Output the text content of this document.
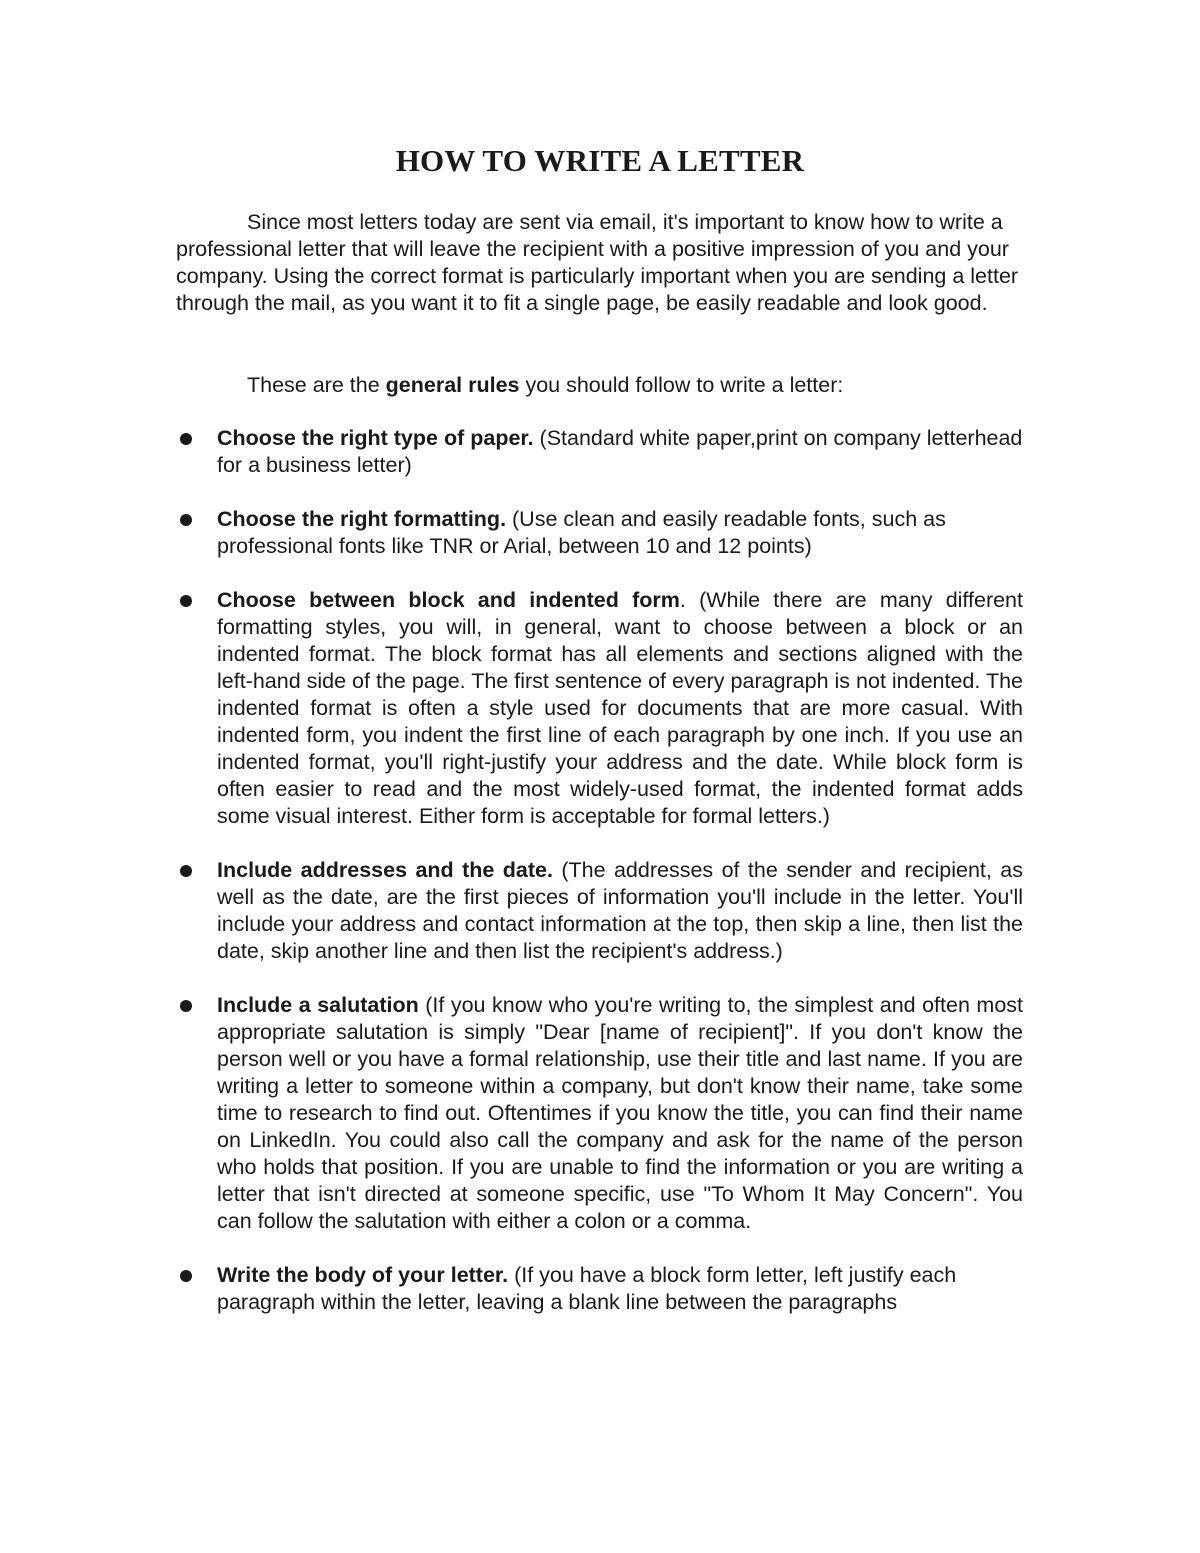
HOW TO WRITE A LETTER

Since most letters today are sent via email, it's important to know how to write a professional letter that will leave the recipient with a positive impression of you and your company. Using the correct format is particularly important when you are sending a letter through the mail, as you want it to fit a single page, be easily readable and look good.

These are the general rules you should follow to write a letter:

Choose the right type of paper. (Standard white paper,print on company letterhead for a business letter)
Choose the right formatting. (Use clean and easily readable fonts, such as professional fonts like TNR or Arial, between 10 and 12 points)
Choose between block and indented form. (While there are many different formatting styles, you will, in general, want to choose between a block or an indented format. The block format has all elements and sections aligned with the left-hand side of the page. The first sentence of every paragraph is not indented. The indented format is often a style used for documents that are more casual. With indented form, you indent the first line of each paragraph by one inch. If you use an indented format, you'll right-justify your address and the date. While block form is often easier to read and the most widely-used format, the indented format adds some visual interest. Either form is acceptable for formal letters.)
Include addresses and the date. (The addresses of the sender and recipient, as well as the date, are the first pieces of information you'll include in the letter. You'll include your address and contact information at the top, then skip a line, then list the date, skip another line and then list the recipient's address.)
Include a salutation (If you know who you're writing to, the simplest and often most appropriate salutation is simply "Dear [name of recipient]". If you don't know the person well or you have a formal relationship, use their title and last name. If you are writing a letter to someone within a company, but don't know their name, take some time to research to find out. Oftentimes if you know the title, you can find their name on LinkedIn. You could also call the company and ask for the name of the person who holds that position. If you are unable to find the information or you are writing a letter that isn't directed at someone specific, use "To Whom It May Concern". You can follow the salutation with either a colon or a comma.
Write the body of your letter. (If you have a block form letter, left justify each paragraph within the letter, leaving a blank line between the paragraphs
